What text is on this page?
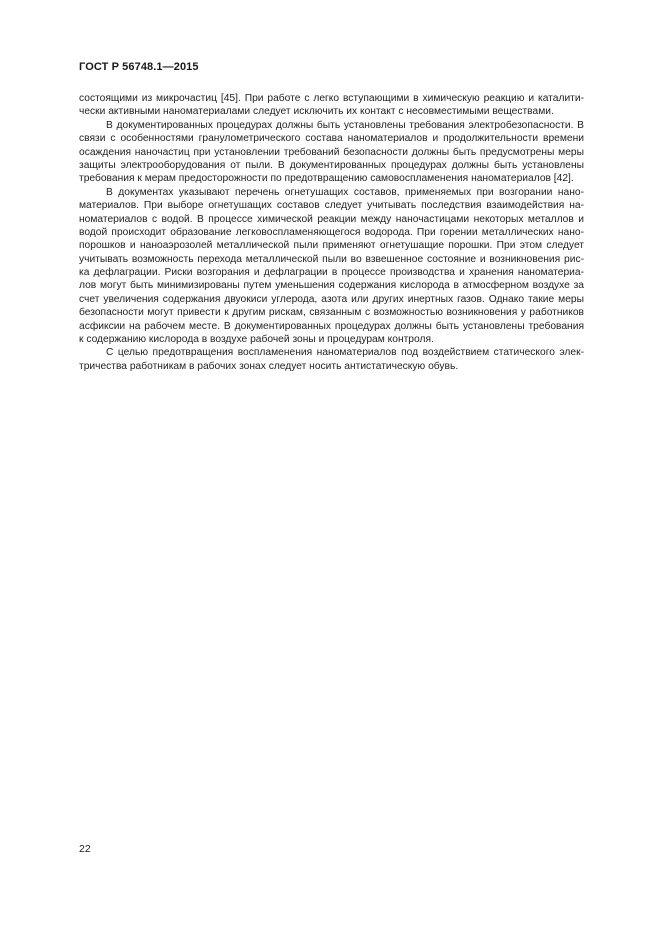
ГОСТ Р 56748.1—2015
состоящими из микрочастиц [45]. При работе с легко вступающими в химическую реакцию и каталити-
чески активными наноматериалами следует исключить их контакт с несовместимыми веществами.
В документированных процедурах должны быть установлены требования электробезопасности. В
связи с особенностями гранулометрического состава наноматериалов и продолжительности времени
осаждения наночастиц при установлении требований безопасности должны быть предусмотрены меры
защиты электрооборудования от пыли. В документированных процедурах должны быть установлены
требования к мерам предосторожности по предотвращению самовоспламенения наноматериалов [42].
В документах указывают перечень огнетушащих составов, применяемых при возгорании нано-
материалов. При выборе огнетушащих составов следует учитывать последствия взаимодействия на-
номатериалов с водой. В процессе химической реакции между наночастицами некоторых металлов и
водой происходит образование легковоспламеняющегося водорода. При горении металлических нано-
порошков и наноаэрозолей металлической пыли применяют огнетушащие порошки. При этом следует
учитывать возможность перехода металлической пыли во взвешенное состояние и возникновения рис-
ка дефлаграции. Риски возгорания и дефлаграции в процессе производства и хранения наноматериа-
лов могут быть минимизированы путем уменьшения содержания кислорода в атмосферном воздухе за
счет увеличения содержания двуокиси углерода, азота или других инертных газов. Однако такие меры
безопасности могут привести к другим рискам, связанным с возможностью возникновения у работников
асфиксии на рабочем месте. В документированных процедурах должны быть установлены требования
к содержанию кислорода в воздухе рабочей зоны и процедурам контроля.
С целью предотвращения воспламенения наноматериалов под воздействием статического элек-
тричества работникам в рабочих зонах следует носить антистатическую обувь.
22
